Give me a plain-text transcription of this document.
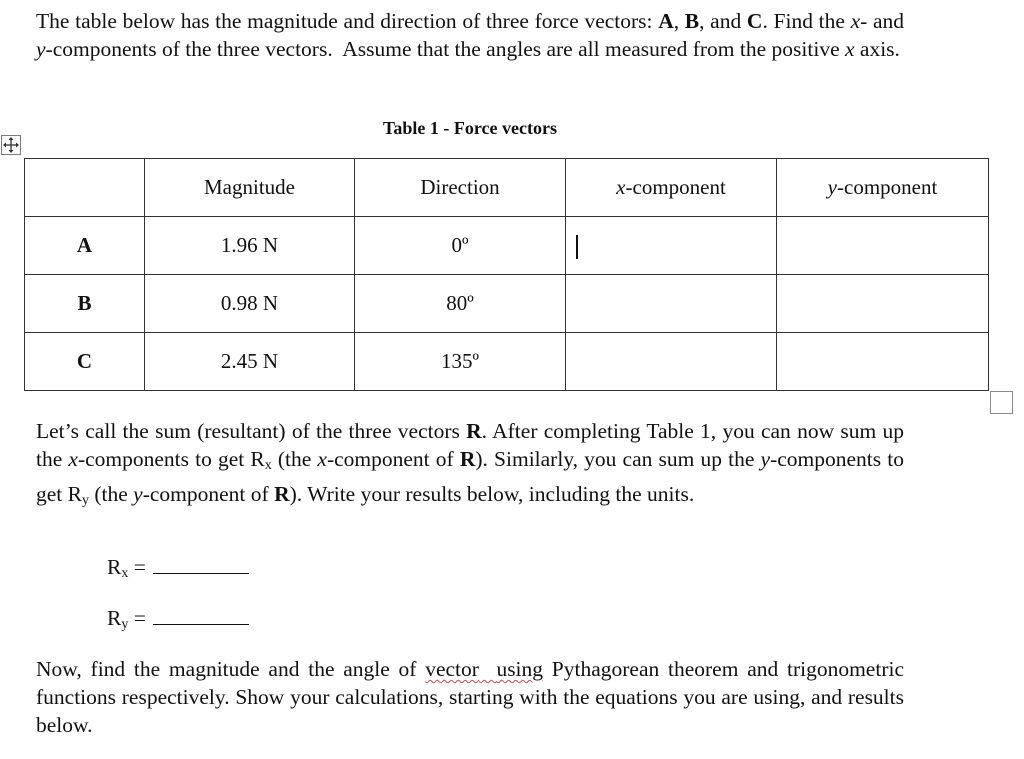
The table below has the magnitude and direction of three force vectors: A, B, and C. Find the x- and y-components of the three vectors.  Assume that the angles are all measured from the positive x axis.

Table 1 - Force vectors
	Magnitude	Direction	x-component	y-component
A	1.96 N	0º		
B	0.98 N	80º		
C	2.45 N	135º		

Let’s call the sum (resultant) of the three vectors R. After completing Table 1, you can now sum up the x-components to get $R_x$ (the x-component of R). Similarly, you can sum up the y-components to get $R_y$ (the y-component of R). Write your results below, including the units.

$R_x$ =
$R_y$ =

Now, find the magnitude and the angle of vector using Pythagorean theorem and trigonometric functions respectively. Show your calculations, starting with the equations you are using, and results below.
